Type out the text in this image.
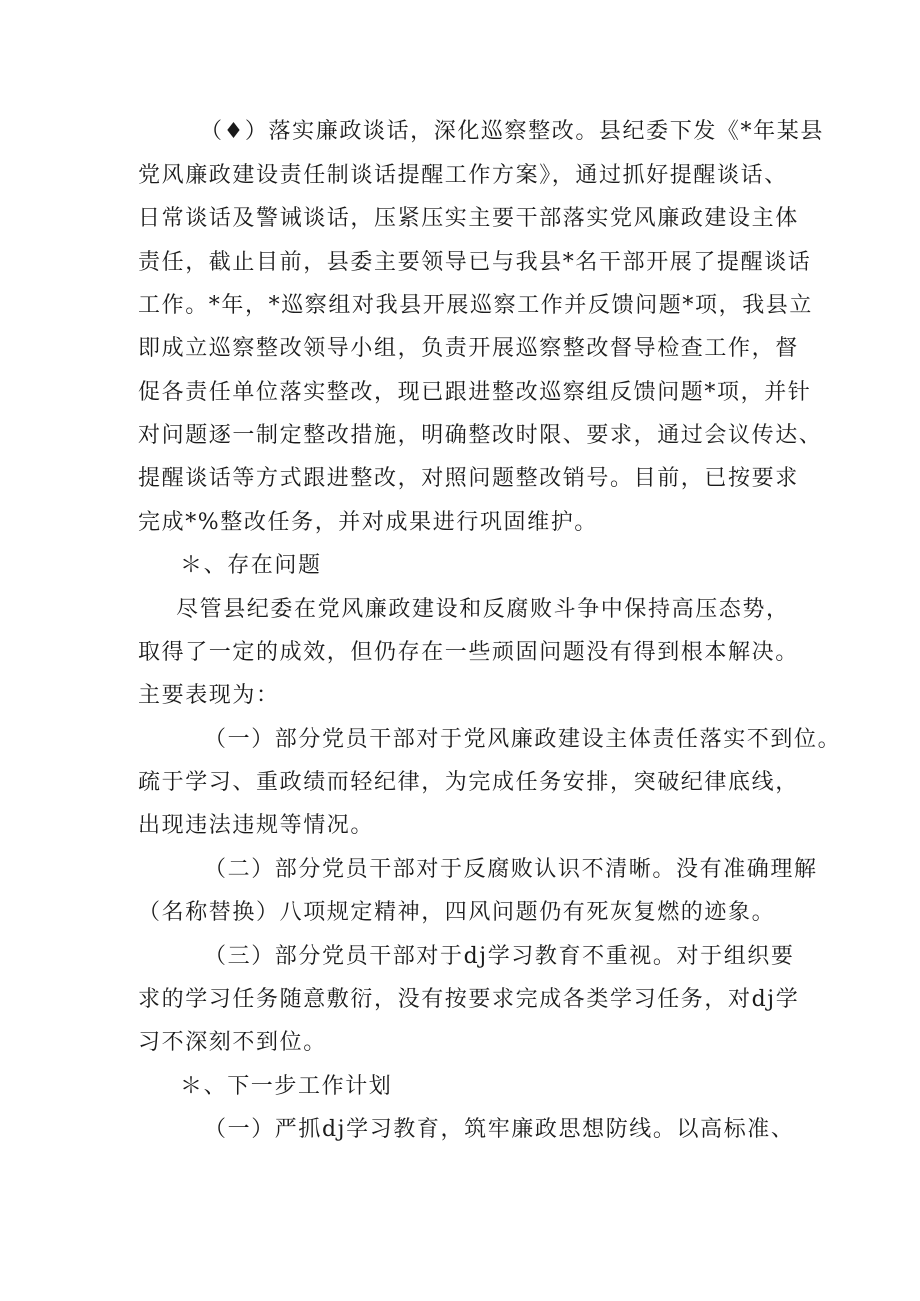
（♦）落实廉政谈话，深化巡察整改。县纪委下发《*年某县
党风廉政建设责任制谈话提醒工作方案》，通过抓好提醒谈话、
日常谈话及警诫谈话，压紧压实主要干部落实党风廉政建设主体
责任，截止目前，县委主要领导已与我县*名干部开展了提醒谈话
工作。*年，*巡察组对我县开展巡察工作并反馈问题*项，我县立
即成立巡察整改领导小组，负责开展巡察整改督导检查工作，督
促各责任单位落实整改，现已跟进整改巡察组反馈问题*项，并针
对问题逐一制定整改措施，明确整改时限、要求，通过会议传达、
提醒谈话等方式跟进整改，对照问题整改销号。目前，已按要求
完成*%整改任务，并对成果进行巩固维护。
＊、存在问题
尽管县纪委在党风廉政建设和反腐败斗争中保持高压态势，
取得了一定的成效，但仍存在一些顽固问题没有得到根本解决。
主要表现为：
（一）部分党员干部对于党风廉政建设主体责任落实不到位。
疏于学习、重政绩而轻纪律，为完成任务安排，突破纪律底线，
出现违法违规等情况。
（二）部分党员干部对于反腐败认识不清晰。没有准确理解
（名称替换）八项规定精神，四风问题仍有死灰复燃的迹象。
（三）部分党员干部对于dj学习教育不重视。对于组织要
求的学习任务随意敷衍，没有按要求完成各类学习任务，对dj学
习不深刻不到位。
＊、下一步工作计划
（一）严抓dj学习教育，筑牢廉政思想防线。以高标准、
